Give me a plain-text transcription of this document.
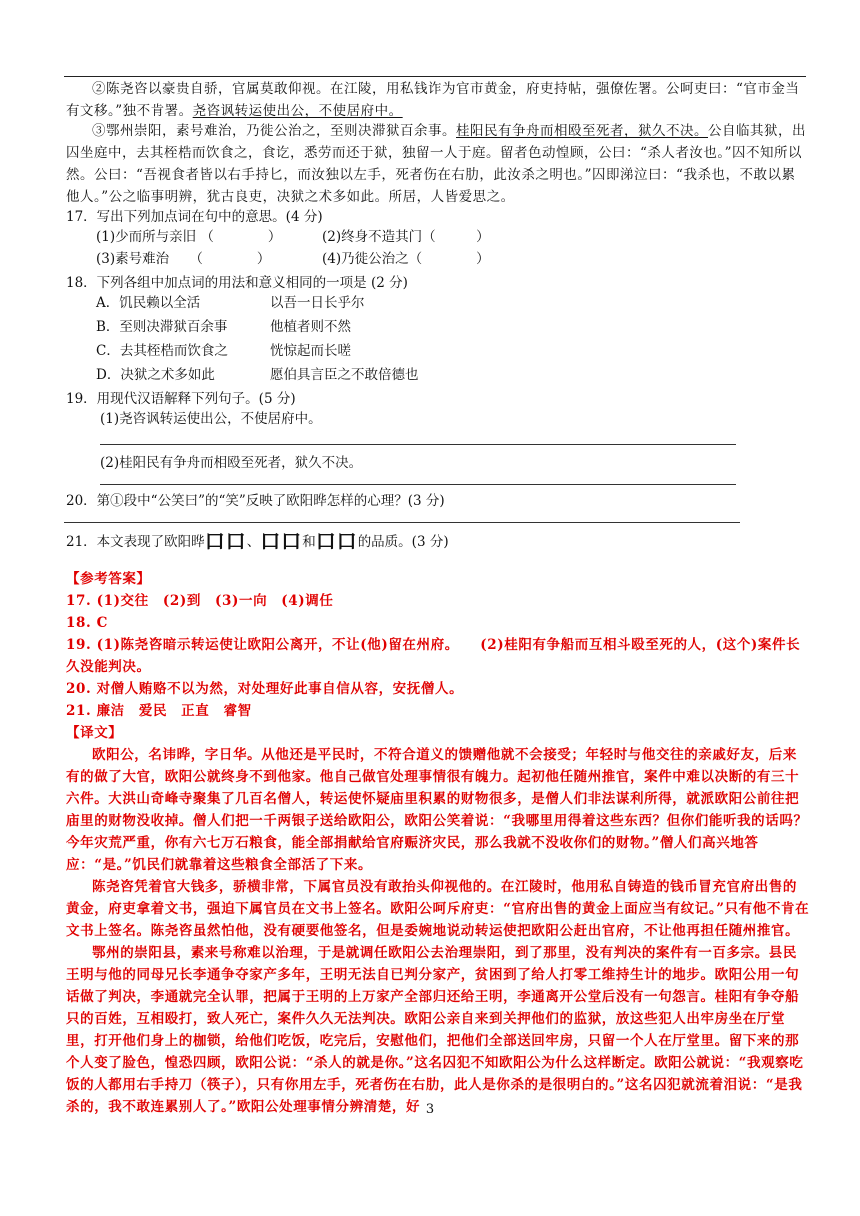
②陈尧咨以豪贵自骄，官属莫敢仰视。在江陵，用私钱诈为官市黄金，府吏持帖，强僚佐署。公呵吏曰：“官市金当有文移。”独不肯署。尧咨讽转运使出公，不使居府中。
③鄂州崇阳，素号难治，乃徙公治之，至则决滞狱百余事。桂阳民有争舟而相殴至死者，狱久不决。公自临其狱，出囚坐庭中，去其桎梏而饮食之，食讫，悉劳而还于狱，独留一人于庭。留者色动惶顾，公曰：“杀人者汝也。”囚不知所以然。公曰：“吾视食者皆以右手持匕，而汝独以左手，死者伤在右肋，此汝杀之明也。”囚即涕泣曰：“我杀也，不敢以累他人。”公之临事明辨，犹古良吏，决狱之术多如此。所居，人皆爱思之。
17．写出下列加点词在句中的意思。(4 分)
(1)少而所与亲旧 （　　　　）	(2)终身不造其门（　　　）
(3)素号难治　　（　　　　）	(4)乃徙公治之（　　　　）
18．下列各组中加点词的用法和意义相同的一项是 (2 分)
A．饥民赖以全活	以吾一日长乎尔
B．至则决滞狱百余事	他植者则不然
C．去其桎梏而饮食之	恍惊起而长嗟
D．决狱之术多如此	愿伯具言臣之不敢倍德也
19．用现代汉语解释下列句子。(5 分)
(1)尧咨讽转运使出公，不使居府中。
(2)桂阳民有争舟而相殴至死者，狱久不决。
20．第①段中“公笑曰”的“笑”反映了欧阳晔怎样的心理？(3 分)
21．本文表现了欧阳晔口口、口口和口口的品质。(3 分)
【参考答案】
17. (1)交往　(2)到　(3)一向　(4)调任
18. C
19. (1)陈尧咨暗示转运使让欧阳公离开，不让(他)留在州府。　　(2)桂阳有争船而互相斗殴至死的人，(这个)案件长久没能判决。
20. 对僧人贿赂不以为然，对处理好此事自信从容，安抚僧人。
21. 廉洁　爱民　正直　睿智
【译文】
欧阳公，名讳晔，字日华。从他还是平民时，不符合道义的馈赠他就不会接受；年轻时与他交往的亲戚好友，后来有的做了大官，欧阳公就终身不到他家。他自己做官处理事情很有魄力。起初他任随州推官，案件中难以决断的有三十六件。大洪山奇峰寺聚集了几百名僧人，转运使怀疑庙里积累的财物很多，是僧人们非法谋利所得，就派欧阳公前往把庙里的财物没收掉。僧人们把一千两银子送给欧阳公，欧阳公笑着说：“我哪里用得着这些东西？但你们能听我的话吗？今年灾荒严重，你有六七万石粮食，能全部捐献给官府赈济灾民，那么我就不没收你们的财物。”僧人们高兴地答应：“是。”饥民们就靠着这些粮食全部活了下来。
陈尧咨凭着官大钱多，骄横非常，下属官员没有敢抬头仰视他的。在江陵时，他用私自铸造的钱币冒充官府出售的黄金，府吏拿着文书，强迫下属官员在文书上签名。欧阳公呵斥府吏：“官府出售的黄金上面应当有纹记。”只有他不肯在文书上签名。陈尧咨虽然怕他，没有硬要他签名，但是委婉地说动转运使把欧阳公赶出官府，不让他再担任随州推官。
鄂州的崇阳县，素来号称难以治理，于是就调任欧阳公去治理崇阳，到了那里，没有判决的案件有一百多宗。县民王明与他的同母兄长李通争夺家产多年，王明无法自已判分家产，贫困到了给人打零工维持生计的地步。欧阳公用一句话做了判决，李通就完全认罪，把属于王明的上万家产全部归还给王明，李通离开公堂后没有一句怨言。桂阳有争夺船只的百姓，互相殴打，致人死亡，案件久久无法判决。欧阳公亲自来到关押他们的监狱，放这些犯人出牢房坐在厅堂里，打开他们身上的枷锁，给他们吃饭，吃完后，安慰他们，把他们全部送回牢房，只留一个人在厅堂里。留下来的那个人变了脸色，惶恐四顾，欧阳公说：“杀人的就是你。”这名囚犯不知欧阳公为什么这样断定。欧阳公就说：“我观察吃饭的人都用右手持刀（筷子），只有你用左手，死者伤在右肋，此人是你杀的是很明白的。”这名囚犯就流着泪说：“是我杀的，我不敢连累别人了。”欧阳公处理事情分辨清楚，好 3
